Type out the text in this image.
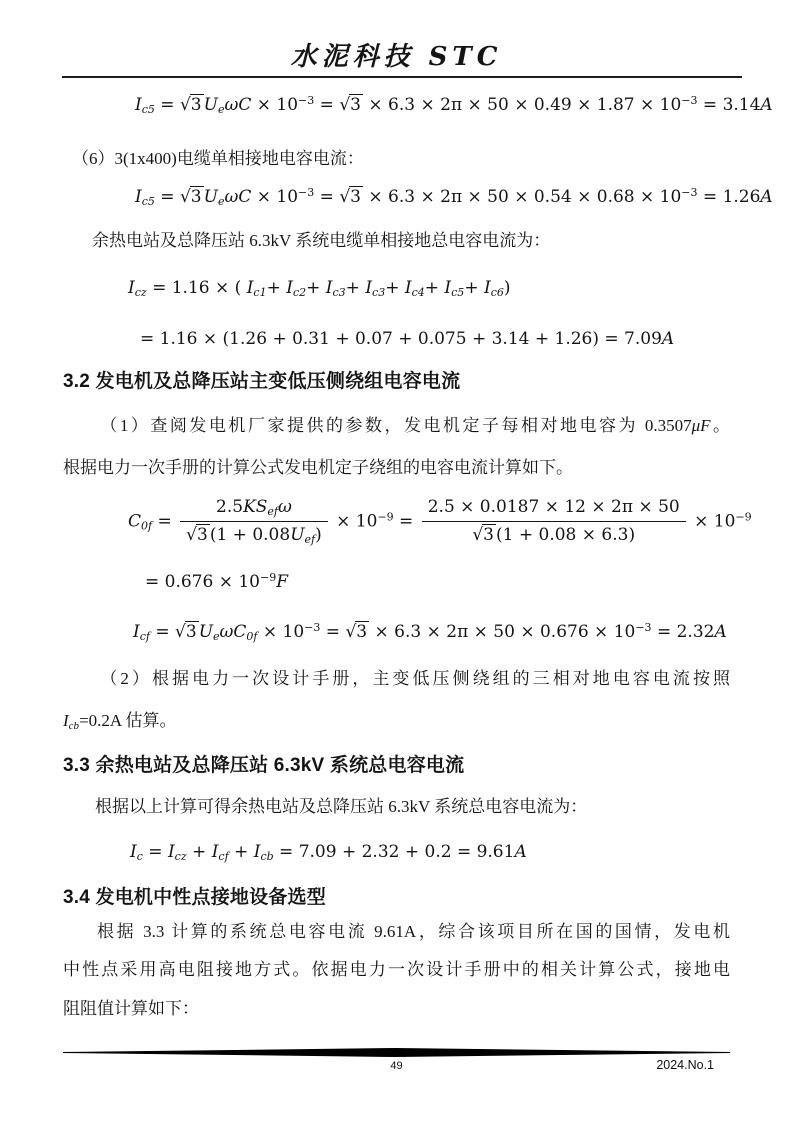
水泥科技 STC
$I_{c5} = √3$ $U_e\omega C \times 10^{-3} = √3 \times 6.3 \times 2\pi \times 50 \times 0.49 \times 1.87 \times 10^{-3} = 3.14A$
（6）3(1x400)电缆单相接地电容电流：
$I_{c5} = √3$ $U_e\omega C \times 10^{-3} = √3 \times 6.3 \times 2\pi \times 50 \times 0.54 \times 0.68 \times 10^{-3} = 1.26A$
余热电站及总降压站 6.3kV 系统电缆单相接地总电容电流为：
$I_{cz} = 1.16$ × ( $I_{c1}+ I_{c2}+ I_{c3}+ I_{c3}+ I_{c4}+ I_{c5}+ I_{c6}$)
= 1.16 × (1.26 + 0.31 + 0.07 + 0.075 + 3.14 + 1.26) = 7.09A
3.2 发电机及总降压站主变低压侧绕组电容电流
（1）查阅发电机厂家提供的参数，发电机定子每相对地电容为 0.3507μF。
根据电力一次手册的计算公式发电机定子绕组的电容电流计算如下。
$C_{0f} = \frac{2.5KS_{ef}\omega}{√3 (1 + 0.08U_{ef})} \times 10^{-9} = \frac{2.5 \times 0.0187 \times 12 \times 2\pi \times 50}{√3 (1 + 0.08 \times 6.3)} \times 10^{-9}$
= $0.676 \times 10^{-9}F$
$I_{cf} = √3$ $U_e\omega C_{0f} \times 10^{-3} = √3 \times 6.3 \times 2\pi \times 50 \times 0.676 \times 10^{-3} = 2.32A$
（2）根据电力一次设计手册，主变低压侧绕组的三相对地电容电流按照
$I_{cb}=0.2A$ 估算。
3.3 余热电站及总降压站 6.3kV 系统总电容电流
根据以上计算可得余热电站及总降压站 6.3kV 系统总电容电流为：
$I_c = I_{cz} + I_{cf} + I_{cb} = 7.09 + 2.32 + 0.2 = 9.61A$
3.4 发电机中性点接地设备选型
根据 3.3 计算的系统总电容电流 9.61A，综合该项目所在国的国情，发电机
中性点采用高电阻接地方式。依据电力一次设计手册中的相关计算公式，接地电
阻阻值计算如下：
49	2024.No.1
